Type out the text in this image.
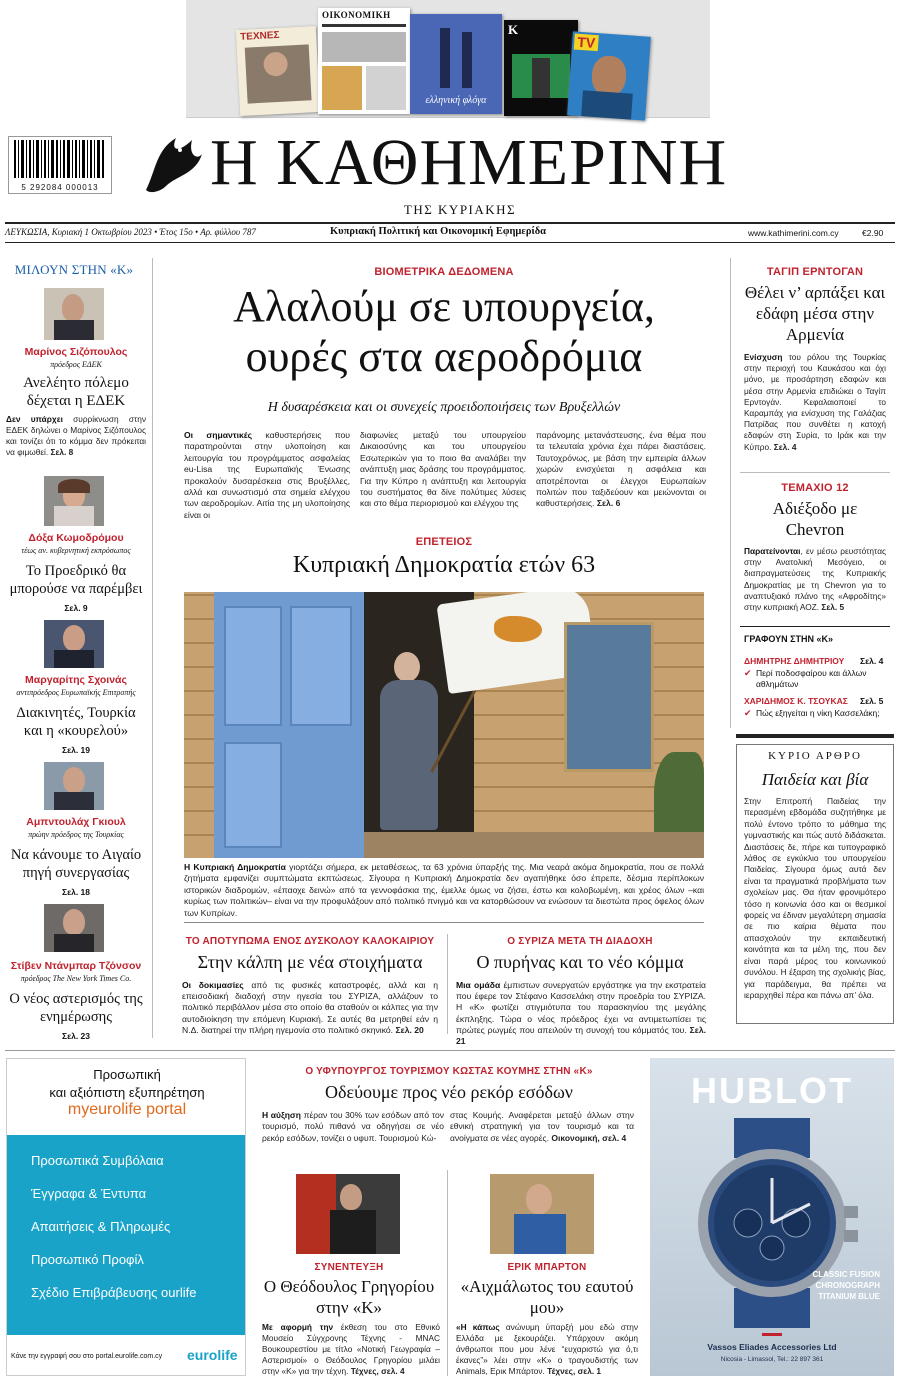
ΤΕΧΝΕΣ
ΟΙΚΟΝΟΜΙΚΗ
ελληνική φλόγα
K
TV
5 292084 000013 Η ΚΑΘΗΜΕΡΙΝΗ
ΤΗΣ ΚΥΡΙΑΚΗΣ
ΛΕΥΚΩΣΙΑ, Κυριακή 1 Οκτωβρίου 2023 • Έτος 15ο • Αρ. φύλλου 787	Κυπριακή Πολιτική και Οικονομική Εφημερίδα	www.kathimerini.com.cy	€2.90
ΜΙΛΟΥΝ ΣΤΗΝ «Κ»
Μαρίνος Σιζόπουλος
πρόεδρος ΕΔΕΚ
Ανελέητο πόλεμο δέχεται η ΕΔΕΚ
Δεν υπάρχει συρρίκνωση στην ΕΔΕΚ δηλώνει ο Μαρίνος Σιζόπουλος και τονίζει ότι το κόμμα δεν πρόκειται να φιμωθεί. Σελ. 8
Δόξα Κωμοδρόμου
τέως αν. κυβερνητική εκπρόσωπος
Το Προεδρικό θα μπορούσε να παρέμβει
Σελ. 9
Μαργαρίτης Σχοινάς
αντιπρόεδρος Ευρωπαϊκής Επιτροπής
Διακινητές, Τουρκία και η «κουρελού»
Σελ. 19
Αμπντουλάχ Γκιουλ
πρώην πρόεδρος της Τουρκίας
Να κάνουμε το Αιγαίο πηγή συνεργασίας
Σελ. 18
Στίβεν Ντάνμπαρ Τζόνσον
πρόεδρος The New York Times Co.
Ο νέος αστερισμός της ενημέρωσης
Σελ. 23
ΒΙΟΜΕΤΡΙΚΑ ΔΕΔΟΜΕΝΑ
Αλαλούμ σε υπουργεία,
ουρές στα αεροδρόμια
Η δυσαρέσκεια και οι συνεχείς προειδοποιήσεις των Βρυξελλών
Οι σημαντικές καθυστερήσεις που παρατηρούνται στην υλοποίηση και λειτουργία του προγράμματος ασφαλείας eu-Lisa της Ευρωπαϊκής Ένωσης προκαλούν δυσαρέσκεια στις Βρυξέλλες, αλλά και συνωστισμό στα σημεία ελέγχου των αεροδρομίων. Αιτία της μη υλοποίησης είναι οι
διαφωνίες μεταξύ του υπουργείου Δικαιοσύνης και του υπουργείου Εσωτερικών για το ποιο θα αναλάβει την ανάπτυξη μιας δράσης του προγράμματος. Για την Κύπρο η ανάπτυξη και λειτουργία του συστήματος θα δίνε πολύτιμες λύσεις και στο θέμα περιορισμού και ελέγχου της
παράνομης μετανάστευσης, ένα θέμα που τα τελευταία χρόνια έχει πάρει διαστάσεις. Ταυτοχρόνως, με βάση την εμπειρία άλλων χωρών ενισχύεται η ασφάλεια και αποτρέπονται οι έλεγχοι Ευρωπαίων πολιτών που ταξιδεύουν και μειώνονται οι καθυστερήσεις. Σελ. 6
ΕΠΕΤΕΙΟΣ
Κυπριακή Δημοκρατία ετών 63
Η Κυπριακή Δημοκρατία γιορτάζει σήμερα, εκ μεταθέσεως, τα 63 χρόνια ύπαρξής της. Μια νεαρά ακόμα δημοκρατία, που σε πολλά ζητήματα εμφανίζει συμπτώματα εκπτώσεως. Σίγουρα η Κυπριακή Δημοκρατία δεν αγαπήθηκε όσο έπρεπε, δέσμια περίπλοκων ιστορικών διαδρομών, «έπαοχε δεινώ» από τα γεννοφάσκια της, έμελλε όμως να ζήσει, έστω και κολοβωμένη, και χρέος όλων –και κυρίως των πολιτικών– είναι να την προφυλάξουν από πολιτικό πνιγμό και να κατορθώσουν να ενώσουν τα διεστώτα προς όφελος όλων των Κυπρίων.
ΤΟ ΑΠΟΤΥΠΩΜΑ ΕΝΟΣ ΔΥΣΚΟΛΟΥ ΚΑΛΟΚΑΙΡΙΟΥ
Στην κάλπη με νέα στοιχήματα
Οι δοκιμασίες από τις φυσικές καταστροφές, αλλά και η επεισοδιακή διαδοχή στην ηγεσία του ΣΥΡΙΖΑ, αλλάζουν το πολιτικό περιβάλλον μέσα στο οποίο θα σταθούν οι κάλπες για την αυτοδιοίκηση την επόμενη Κυριακή. Σε αυτές θα μετρηθεί εάν η Ν.Δ. διατηρεί την πλήρη ηγεμονία στο πολιτικό σκηνικό. Σελ. 20
Ο ΣΥΡΙΖΑ ΜΕΤΑ ΤΗ ΔΙΑΔΟΧΗ
Ο πυρήνας και το νέο κόμμα
Μια ομάδα έμπιστων συνεργατών εργάστηκε για την εκστρατεία που έφερε τον Στέφανο Κασσελάκη στην προεδρία του ΣΥΡΙΖΑ. Η «Κ» φωτίζει στιγμιότυπα του παρασκηνίου της μεγάλης έκπληξης. Τώρα ο νέος πρόεδρος έχει να αντιμετωπίσει τις πρώτες ρωγμές που απειλούν τη συνοχή του κόμματός του. Σελ. 21
ΤΑΓΙΠ ΕΡΝΤΟΓΑΝ
Θέλει ν’ αρπάξει και εδάφη μέσα στην Αρμενία
Ενίσχυση του ρόλου της Τουρκίας στην περιοχή του Καυκάσου και όχι μόνο, με προσάρτηση εδαφών και μέσα στην Αρμενία επιδιώκει ο Ταγίπ Ερντογάν. Κεφαλαιοποιεί το Καραμπάχ για ενίσχυση της Γαλάζιας Πατρίδας που συνθέτει η κατοχή εδαφών στη Συρία, το Ιράκ και την Κύπρο. Σελ. 4
ΤΕΜΑΧΙΟ 12
Αδιέξοδο με Chevron
Παρατείνονται, εν μέσω ρευστότητας στην Ανατολική Μεσόγειο, οι διαπραγματεύσεις της Κυπριακής Δημοκρατίας με τη Chevron για το αναπτυξιακό πλάνο της «Αφροδίτης» στην κυπριακή ΑΟΖ. Σελ. 5
ΓΡΑΦΟΥΝ ΣΤΗΝ «Κ»
ΔΗΜΗΤΡΗΣ ΔΗΜΗΤΡΙΟΥ Σελ. 4
✔ Περί ποδοσφαίρου και άλλων αθλημάτων
ΧΑΡΙΔΗΜΟΣ Κ. ΤΣΟΥΚΑΣ Σελ. 5
✔ Πώς εξηγείται η νίκη Κασσελάκη;
ΚΥΡΙΟ ΑΡΘΡΟ
Παιδεία και βία
Στην Επιτροπή Παιδείας την περασμένη εβδομάδα συζητήθηκε με πολύ έντονο τρόπο το μάθημα της γυμναστικής και πώς αυτό διδάσκεται. Διαστάσεις δε, πήρε και τυπογραφικό λάθος σε εγκύκλιο του υπουργείου Παιδείας. Σίγουρα όμως αυτά δεν είναι τα πραγματικά προβλήματα των σχολείων μας. Θα ήταν φρονιμότερο τόσο η κοινωνία όσο και οι θεσμικοί φορείς να έδιναν μεγαλύτερη σημασία σε πιο καίρια θέματα που απασχολούν την εκπαιδευτική κοινότητα και τα μέλη της, που δεν είναι παρά μέρος του κοινωνικού συνόλου. Η έξαρση της σχολικής βίας, για παράδειγμα, θα πρέπει να ιεραρχηθεί πέρα και πάνω απ’ όλα.
Προσωπική
και αξιόπιστη εξυπηρέτηση
myeurolife portal
Προσωπικά Συμβόλαια
Έγγραφα & Έντυπα
Απαιτήσεις & Πληρωμές
Προσωπικό Προφίλ
Σχέδιο Επιβράβευσης ourlife
Κάνε την εγγραφή σου στο portal.eurolife.com.cy eurolife
Ο ΥΦΥΠΟΥΡΓΟΣ ΤΟΥΡΙΣΜΟΥ ΚΩΣΤΑΣ ΚΟΥΜΗΣ ΣΤΗΝ «Κ»
Οδεύουμε προς νέο ρεκόρ εσόδων
Η αύξηση πέραν του 30% των εσόδων από τον τουρισμό, πολύ πιθανό να οδηγήσει σε νέο ρεκόρ εσόδων, τονίζει ο υφυπ. Τουρισμού Κώ-
στας Κουμής. Αναφέρεται μεταξύ άλλων στην εθνική στρατηγική για τον τουρισμό και τα ανοίγματα σε νέες αγορές. Οικονομική, σελ. 4
ΣΥΝΕΝΤΕΥΞΗ
Ο Θεόδουλος Γρηγορίου στην «Κ»
Με αφορμή την έκθεση του στο Εθνικό Μουσείο Σύγχρονης Τέχνης - ΜΝΑC Βουκουρεστίου με τίτλο «Νοτική Γεωγραφία – Αστερισμοί» ο Θεόδουλος Γρηγορίου μιλάει στην «Κ» για την τέχνη. Τέχνες, σελ. 4
ΕΡΙΚ ΜΠΑΡΤΟΝ
«Αιχμάλωτος του εαυτού μου»
«Η κάπως ανώνυμη ύπαρξή μου εδώ στην Ελλάδα με ξεκουράζει. Υπάρχουν ακόμη άνθρωποι που μου λένε “ευχαριστώ για ό,τι έκανες”» λέει στην «Κ» ο τραγουδιστής των Animals, Ερικ Μπάρτον. Τέχνες, σελ. 1
HUBLOT
CLASSIC FUSION
CHRONOGRAPH
TITANIUM BLUE
Vassos Eliades Accessories Ltd
Nicosia - Limassol, Tel.: 22 897 361
